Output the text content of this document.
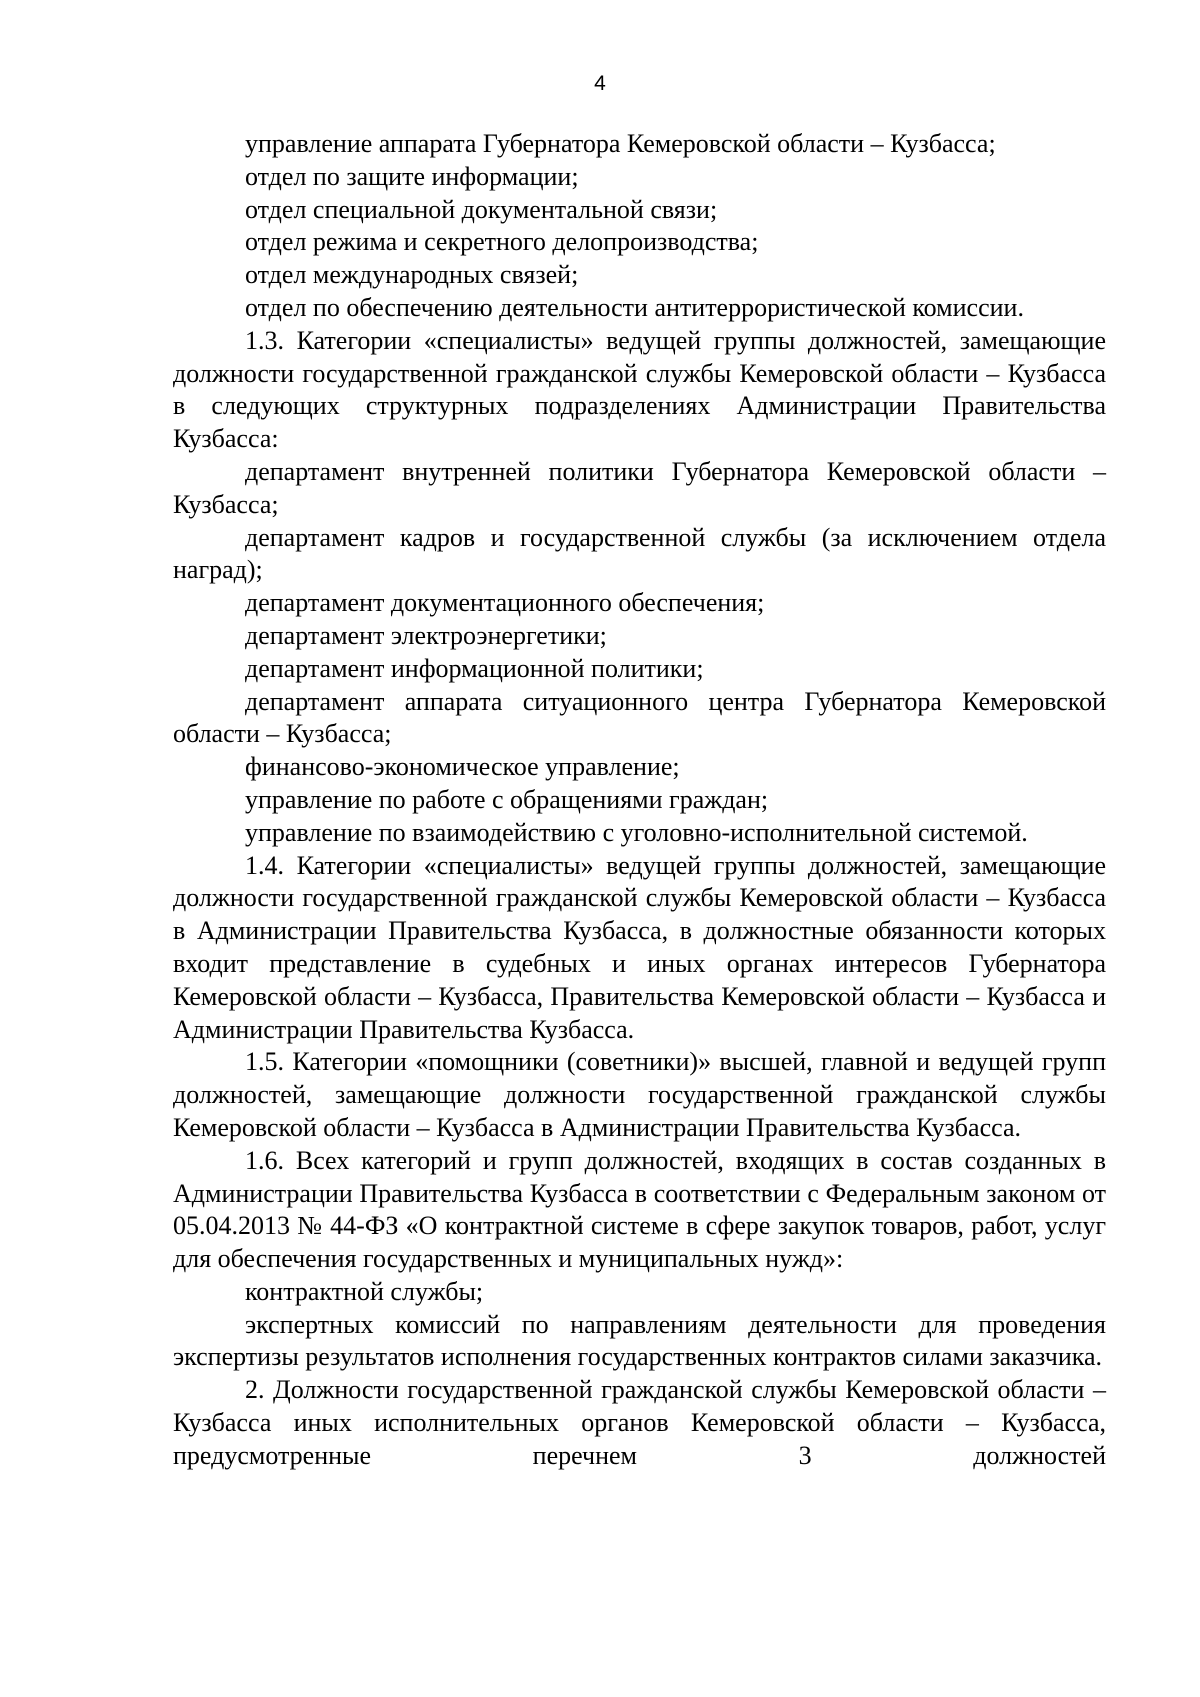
4

управление аппарата Губернатора Кемеровской области – Кузбасса;

отдел по защите информации;

отдел специальной документальной связи;

отдел режима и секретного делопроизводства;

отдел международных связей;

отдел по обеспечению деятельности антитеррористической комиссии.

1.3. Категории «специалисты» ведущей группы должностей, замещающие должности государственной гражданской службы Кемеровской области – Кузбасса в следующих структурных подразделениях Администрации Правительства Кузбасса:

департамент внутренней политики Губернатора Кемеровской области – Кузбасса;

департамент кадров и государственной службы (за исключением отдела наград);

департамент документационного обеспечения;

департамент электроэнергетики;

департамент информационной политики;

департамент аппарата ситуационного центра Губернатора Кемеровской области – Кузбасса;

финансово-экономическое управление;

управление по работе с обращениями граждан;

управление по взаимодействию с уголовно-исполнительной системой.

1.4. Категории «специалисты» ведущей группы должностей, замещающие должности государственной гражданской службы Кемеровской области – Кузбасса в Администрации Правительства Кузбасса, в должностные обязанности которых входит представление в судебных и иных органах интересов Губернатора Кемеровской области – Кузбасса, Правительства Кемеровской области – Кузбасса и Администрации Правительства Кузбасса.

1.5. Категории «помощники (советники)» высшей, главной и ведущей групп должностей, замещающие должности государственной гражданской службы Кемеровской области – Кузбасса в Администрации Правительства Кузбасса.

1.6. Всех категорий и групп должностей, входящих в состав созданных в Администрации Правительства Кузбасса в соответствии с Федеральным законом от 05.04.2013 № 44-ФЗ «О контрактной системе в сфере закупок товаров, работ, услуг для обеспечения государственных и муниципальных нужд»:

контрактной службы;

экспертных комиссий по направлениям деятельности для проведения экспертизы результатов исполнения государственных контрактов силами заказчика.

2. Должности государственной гражданской службы Кемеровской области – Кузбасса иных исполнительных органов Кемеровской области – Кузбасса, предусмотренные перечнем 3 должностей
